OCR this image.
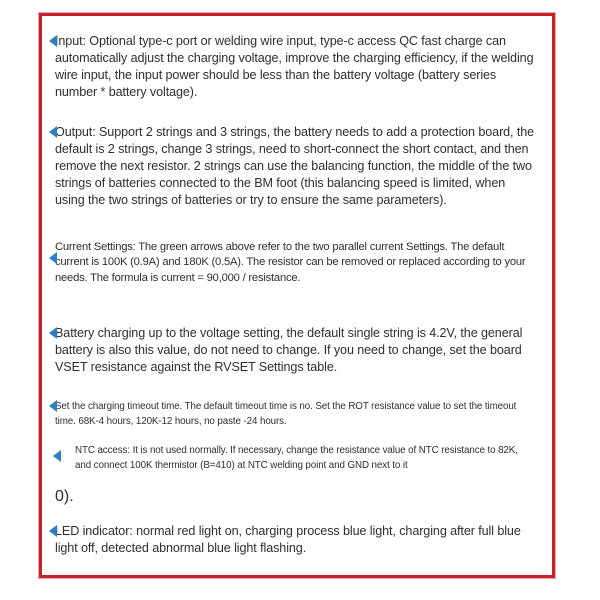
Input: Optional type-c port or welding wire input, type-c access QC fast charge can automatically adjust the charging voltage, improve the charging efficiency, if the welding wire input, the input power should be less than the battery voltage (battery series number * battery voltage).

Output: Support 2 strings and 3 strings, the battery needs to add a protection board, the default is 2 strings, change 3 strings, need to short-connect the short contact, and then remove the next resistor. 2 strings can use the balancing function, the middle of the two strings of batteries connected to the BM foot (this balancing speed is limited, when using the two strings of batteries or try to ensure the same parameters).

Current Settings: The green arrows above refer to the two parallel current Settings. The default current is 100K (0.9A) and 180K (0.5A). The resistor can be removed or replaced according to your needs. The formula is current = 90,000 / resistance.

Battery charging up to the voltage setting, the default single string is 4.2V, the general battery is also this value, do not need to change. If you need to change, set the board VSET resistance against the RVSET Settings table.

Set the charging timeout time. The default timeout time is no. Set the ROT resistance value to set the timeout time. 68K-4 hours, 120K-12 hours, no paste -24 hours.

NTC access: It is not used normally. If necessary, change the resistance value of NTC resistance to 82K, and connect 100K thermistor (B=410) at NTC welding point and GND next to it

0).

LED indicator: normal red light on, charging process blue light, charging after full blue light off, detected abnormal blue light flashing.
